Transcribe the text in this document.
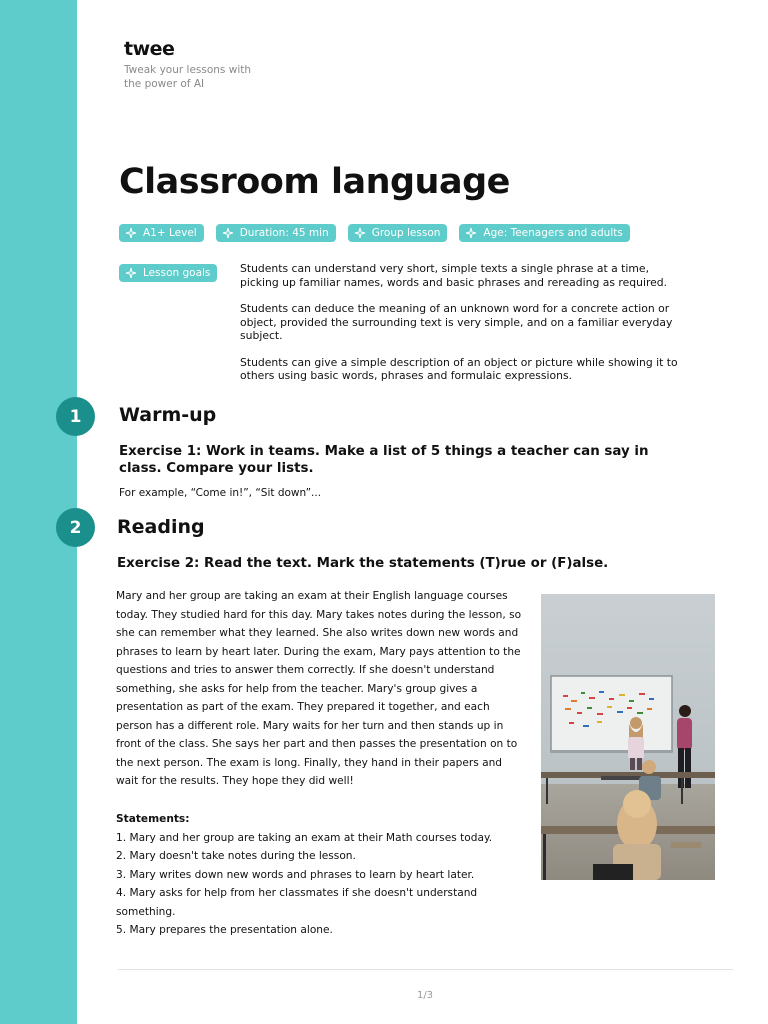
twee
Tweak your lessons with the power of AI
Classroom language
A1+ Level	Duration: 45 min	Group lesson	Age: Teenagers and adults
Lesson goals	Students can understand very short, simple texts a single phrase at a time, picking up familiar names, words and basic phrases and rereading as required.

Students can deduce the meaning of an unknown word for a concrete action or object, provided the surrounding text is very simple, and on a familiar everyday subject.

Students can give a simple description of an object or picture while showing it to others using basic words, phrases and formulaic expressions.

1	Warm-up
Exercise 1: Work in teams. Make a list of 5 things a teacher can say in class. Compare your lists.
For example, “Come in!”, “Sit down”...
2	Reading
Exercise 2: Read the text. Mark the statements (T)rue or (F)alse.
Mary and her group are taking an exam at their English language courses today. They studied hard for this day. Mary takes notes during the lesson, so she can remember what they learned. She also writes down new words and phrases to learn by heart later. During the exam, Mary pays attention to the questions and tries to answer them correctly. If she doesn't understand something, she asks for help from the teacher. Mary's group gives a presentation as part of the exam. They prepared it together, and each person has a different role. Mary waits for her turn and then stands up in front of the class. She says her part and then passes the presentation on to the next person. The exam is long. Finally, they hand in their papers and wait for the results. They hope they did well!
Statements:
1. Mary and her group are taking an exam at their Math courses today.
2. Mary doesn't take notes during the lesson.
3. Mary writes down new words and phrases to learn by heart later.
4. Mary asks for help from her classmates if she doesn't understand something.
5. Mary prepares the presentation alone.
1/3
